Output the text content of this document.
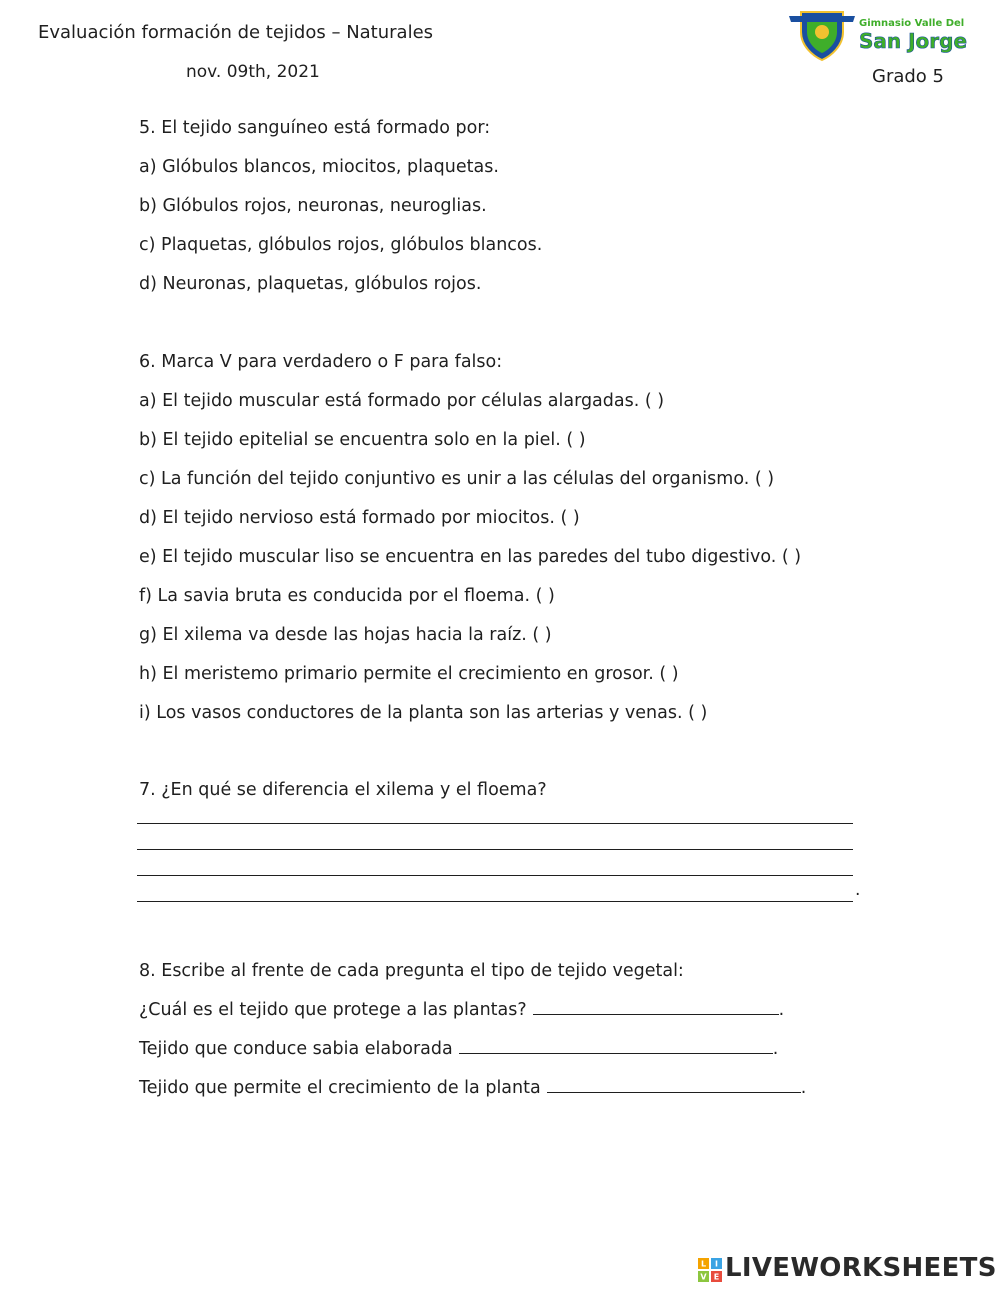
Evaluación formación de tejidos – Naturales
nov. 09th, 2021	Grado 5
Gimnasio Valle Del
San Jorge
5. El tejido sanguíneo está formado por:
a) Glóbulos blancos, miocitos, plaquetas.
b) Glóbulos rojos, neuronas, neuroglias.
c) Plaquetas, glóbulos rojos, glóbulos blancos.
d) Neuronas, plaquetas, glóbulos rojos.
6. Marca V para verdadero o F para falso:
a) El tejido muscular está formado por células alargadas. ( )
b) El tejido epitelial se encuentra solo en la piel. ( )
c) La función del tejido conjuntivo es unir a las células del organismo. ( )
d) El tejido nervioso está formado por miocitos. ( )
e) El tejido muscular liso se encuentra en las paredes del tubo digestivo. ( )
f) La savia bruta es conducida por el floema. ( )
g) El xilema va desde las hojas hacia la raíz. ( )
h) El meristemo primario permite el crecimiento en grosor. ( )
i) Los vasos conductores de la planta son las arterias y venas. ( )
7. ¿En qué se diferencia el xilema y el floema?
.
8. Escribe al frente de cada pregunta el tipo de tejido vegetal:
¿Cuál es el tejido que protege a las plantas?	.
Tejido que conduce sabia elaborada	.
Tejido que permite el crecimiento de la planta	.
L I
V E LIVEWORKSHEETS
